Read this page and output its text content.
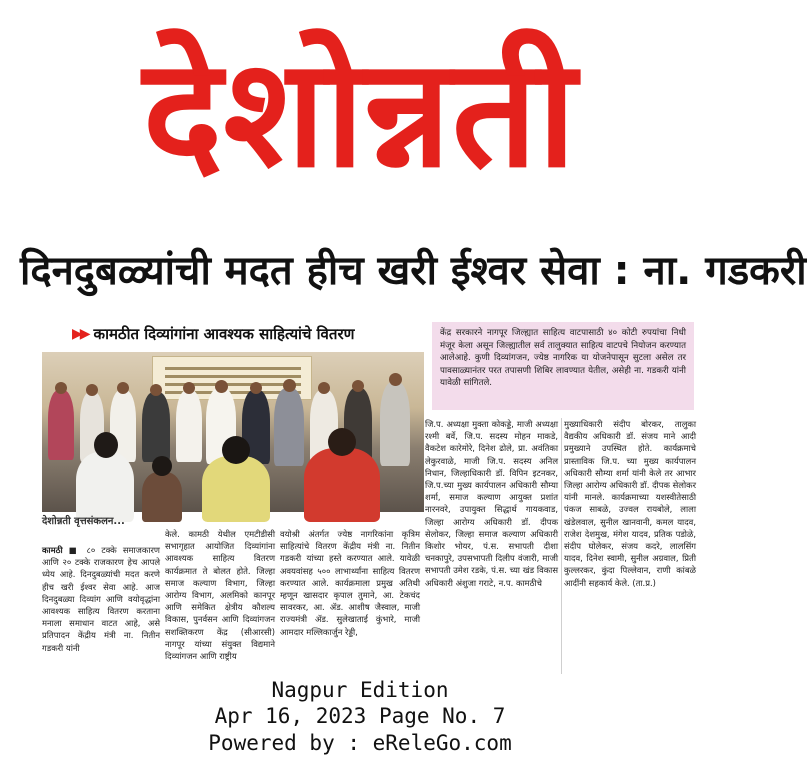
देशोन्नती
दिनदुबळ्यांची मदत हीच खरी ईश्वर सेवा : ना. गडकरी
▶▶ कामठीत दिव्यांगांना आवश्यक साहित्यांचे वितरण	केंद्र सरकारने नागपूर जिल्ह्यात साहित्य वाटपासाठी ४० कोटी रुपयांचा निधी मंजूर केला असून जिल्ह्यातील सर्व तालुक्यात साहित्य वाटपचे नियोजन करण्यात आलेआहे. कुणी दिव्यांगजन, ज्येष्ठ नागरिक या योजनेपासून सुटला असेल तर पावसाळ्यानंतर परत तपासणी शिबिर लावण्यात येतील, असेही ना. गडकरी यांनी यावेळी सांगितले.
देशोन्नती वृत्तसंकलन...
कामठी ■ ८० टक्के समाजकारण आणि २० टक्के राजकारण हेच आपले ध्येय आहे. दिनदुबळ्यांची मदत करणे हीच खरी ईश्वर सेवा आहे. आज दिनदुबळ्या दिव्यांग आणि वयोवृद्धांना आवश्यक साहित्य वितरण करताना मनाला समाधान वाटत आहे, असे प्रतिपादन केंद्रीय मंत्री ना. नितीन गडकरी यांनी
केले. कामठी येथील एमटीडीसी सभागृहात आयोजित दिव्यांगांना आवश्यक साहित्य वितरण कार्यक्रमात ते बोलत होते. जिल्हा समाज कल्याण विभाग, जिल्हा आरोग्य विभाग, अलमिको कानपूर आणि समेकित क्षेत्रीय कौशल्य विकास, पुनर्वसन आणि दिव्यांगजन सशक्तिकरण केंद्र (सीआरसी) नागपूर यांच्या संयुक्त विद्यमाने दिव्यांगजन आणि राष्ट्रीय
वयोश्री अंतर्गत ज्येष्ठ नागरिकांना कृत्रिम साहित्यांचे वितरण केंद्रीय मंत्री ना. नितीन गडकरी यांच्या हस्ते करण्यात आले. यावेळी अवयवांसह ५०० लाभार्थ्यांना साहित्य वितरण करण्यात आले. कार्यक्रमाला प्रमुख अतिथी म्हणून खासदार कृपाल तुमाने, आ. टेकचंद सावरकर, आ. ॲड. आशीष जैस्वाल, माजी राज्यमंत्री ॲड. सुलेखाताई कुंभारे, माजी आमदार मल्लिकार्जुन रेड्डी,
जि.प. अध्यक्षा मुक्ता कोकड्डे, माजी अध्यक्षा रश्मी बर्वे, जि.प. सदस्य मोहन माकडे, वैकटेश कारेमोरे, दिनेश ढोले, प्रा. अवंतिका लेकुरवाळे, माजी जि.प. सदस्य अनिल निधान, जिल्हाधिकारी डॉ. विपिन इटनकर, जि.प.च्या मुख्य कार्यपालन अधिकारी सौम्या शर्मा, समाज कल्याण आयुक्त प्रशांत नारनवरे, उपायुक्त सिद्धार्थ गायकवाड, जिल्हा आरोग्य अधिकारी डॉ. दीपक सेलोकर, जिल्हा समाज कल्याण अधिकारी किशोर भोयर, पं.स. सभापती दीशा चनकापुरे, उपसभापती दिलीप वंजारी, माजी सभापती उमेश रडके, पं.स. च्या खंड विकास अधिकारी अंशुजा गराटे, न.प. कामठीचे
मुख्याधिकारी संदीप बोरकर, तालुका वैद्यकीय अधिकारी डॉ. संजय माने आदी प्रमुख्याने उपस्थित होते. कार्यक्रमाचे प्रास्ताविक जि.प. च्या मुख्य कार्यपालन अधिकारी सौम्या शर्मा यांनी केले तर आभार जिल्हा आरोग्य अधिकारी डॉ. दीपक सेलोकर यांनी मानले. कार्यक्रमाच्या यशस्वीतेसाठी पंकज साबळे, उज्वल रायबोले, लाला खंडेलवाल, सुनील खानवानी, कमल यादव, राजेश देशमुख, मंगेश यादव, प्रतिक पडोळे, संदीप घोलेकर, संजय कदरे, लालसिंग यादव, दिनेश स्वामी, सुनील अग्रवाल, प्रिती कुल्लरकर, कुंदा पिल्लेवान, राणी कांबळे आदींनी सहकार्य केले. (ता.प्र.)
Nagpur Edition
Apr 16, 2023 Page No. 7
Powered by : eReleGo.com
